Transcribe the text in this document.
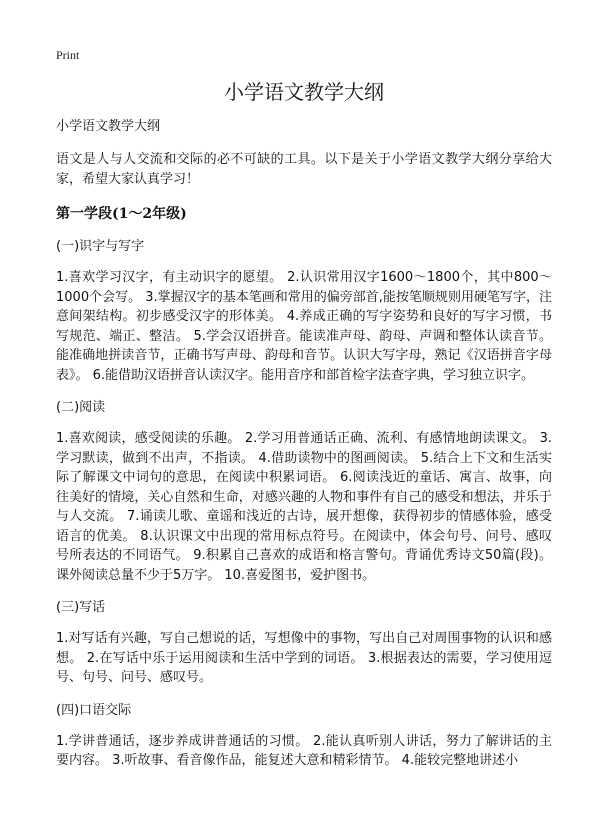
Print
小学语文教学大纲

小学语文教学大纲

语文是人与人交流和交际的必不可缺的工具。以下是关于小学语文教学大纲分享给大家，希望大家认真学习！

第一学段(1～2年级)

(一)识字与写字

1.喜欢学习汉字，有主动识字的愿望。 2.认识常用汉字1600～1800个，其中800～1000个会写。 3.掌握汉字的基本笔画和常用的偏旁部首,能按笔顺规则用硬笔写字，注意间架结构。初步感受汉字的形体美。 4.养成正确的写字姿势和良好的写字习惯，书写规范、端正、整洁。 5.学会汉语拼音。能读准声母、韵母、声调和整体认读音节。能准确地拼读音节，正确书写声母、韵母和音节。认识大写字母，熟记《汉语拼音字母表》。 6.能借助汉语拼音认读汉字。能用音序和部首检字法查字典，学习独立识字。

(二)阅读

1.喜欢阅读，感受阅读的乐趣。 2.学习用普通话正确、流利、有感情地朗读课文。 3.学习默读，做到不出声，不指读。 4.借助读物中的图画阅读。 5.结合上下文和生活实际了解课文中词句的意思，在阅读中积累词语。 6.阅读浅近的童话、寓言、故事，向往美好的情境，关心自然和生命，对感兴趣的人物和事件有自己的感受和想法，并乐于与人交流。 7.诵读儿歌、童谣和浅近的古诗，展开想像，获得初步的情感体验，感受语言的优美。 8.认识课文中出现的常用标点符号。在阅读中，体会句号、问号、感叹号所表达的不同语气。 9.积累自己喜欢的成语和格言警句。背诵优秀诗文50篇(段)。课外阅读总量不少于5万字。 10.喜爱图书，爱护图书。

(三)写话

1.对写话有兴趣，写自己想说的话，写想像中的事物，写出自己对周围事物的认识和感想。 2.在写话中乐于运用阅读和生活中学到的词语。 3.根据表达的需要，学习使用逗号、句号、问号、感叹号。

(四)口语交际

1.学讲普通话，逐步养成讲普通话的习惯。 2.能认真听别人讲话，努力了解讲话的主要内容。 3.听故事、看音像作品，能复述大意和精彩情节。 4.能较完整地讲述小
